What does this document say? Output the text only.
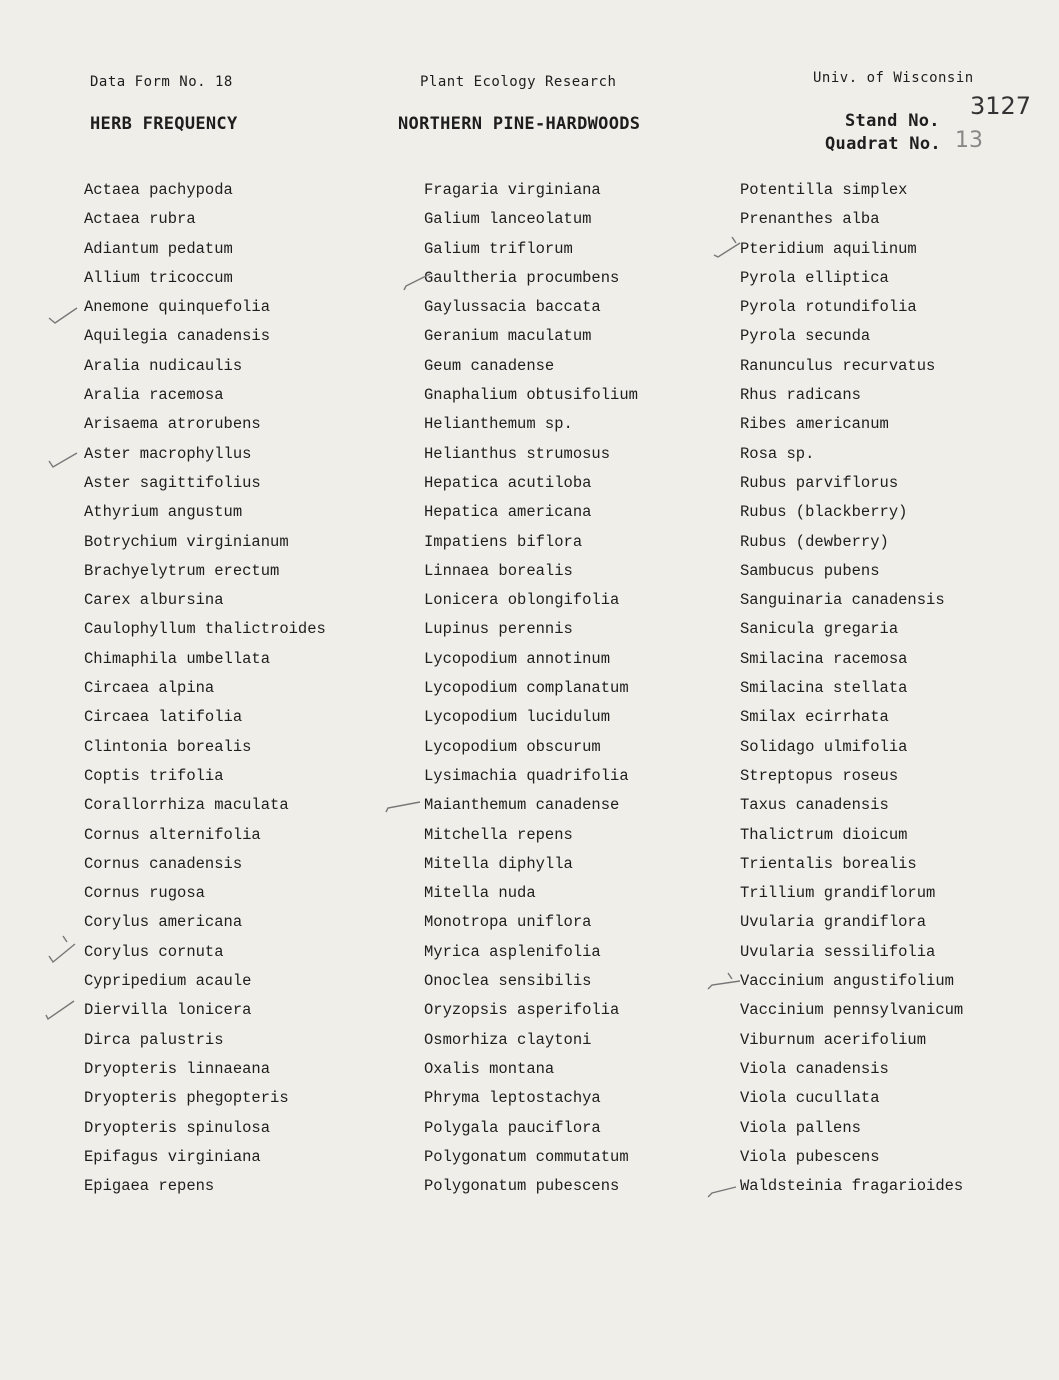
Data Form No. 18	Plant Ecology Research	Univ. of Wisconsin
HERB FREQUENCY	NORTHERN PINE-HARDWOODS	Stand No.
3127
Quadrat No. 13
Actaea pachypoda
Actaea rubra
Adiantum pedatum
Allium tricoccum
Anemone quinquefolia
Aquilegia canadensis
Aralia nudicaulis
Aralia racemosa
Arisaema atrorubens
Aster macrophyllus
Aster sagittifolius
Athyrium angustum
Botrychium virginianum
Brachyelytrum erectum
Carex albursina
Caulophyllum thalictroides
Chimaphila umbellata
Circaea alpina
Circaea latifolia
Clintonia borealis
Coptis trifolia
Corallorrhiza maculata
Cornus alternifolia
Cornus canadensis
Cornus rugosa
Corylus americana
Corylus cornuta
Cypripedium acaule
Diervilla lonicera
Dirca palustris
Dryopteris linnaeana
Dryopteris phegopteris
Dryopteris spinulosa
Epifagus virginiana
Epigaea repens
Fragaria virginiana
Galium lanceolatum
Galium triflorum
Gaultheria procumbens
Gaylussacia baccata
Geranium maculatum
Geum canadense
Gnaphalium obtusifolium
Helianthemum sp.
Helianthus strumosus
Hepatica acutiloba
Hepatica americana
Impatiens biflora
Linnaea borealis
Lonicera oblongifolia
Lupinus perennis
Lycopodium annotinum
Lycopodium complanatum
Lycopodium lucidulum
Lycopodium obscurum
Lysimachia quadrifolia
Maianthemum canadense
Mitchella repens
Mitella diphylla
Mitella nuda
Monotropa uniflora
Myrica asplenifolia
Onoclea sensibilis
Oryzopsis asperifolia
Osmorhiza claytoni
Oxalis montana
Phryma leptostachya
Polygala pauciflora
Polygonatum commutatum
Polygonatum pubescens
Potentilla simplex
Prenanthes alba
Pteridium aquilinum
Pyrola elliptica
Pyrola rotundifolia
Pyrola secunda
Ranunculus recurvatus
Rhus radicans
Ribes americanum
Rosa sp.
Rubus parviflorus
Rubus (blackberry)
Rubus (dewberry)
Sambucus pubens
Sanguinaria canadensis
Sanicula gregaria
Smilacina racemosa
Smilacina stellata
Smilax ecirrhata
Solidago ulmifolia
Streptopus roseus
Taxus canadensis
Thalictrum dioicum
Trientalis borealis
Trillium grandiflorum
Uvularia grandiflora
Uvularia sessilifolia
Vaccinium angustifolium
Vaccinium pennsylvanicum
Viburnum acerifolium
Viola canadensis
Viola cucullata
Viola pallens
Viola pubescens
Waldsteinia fragarioides
